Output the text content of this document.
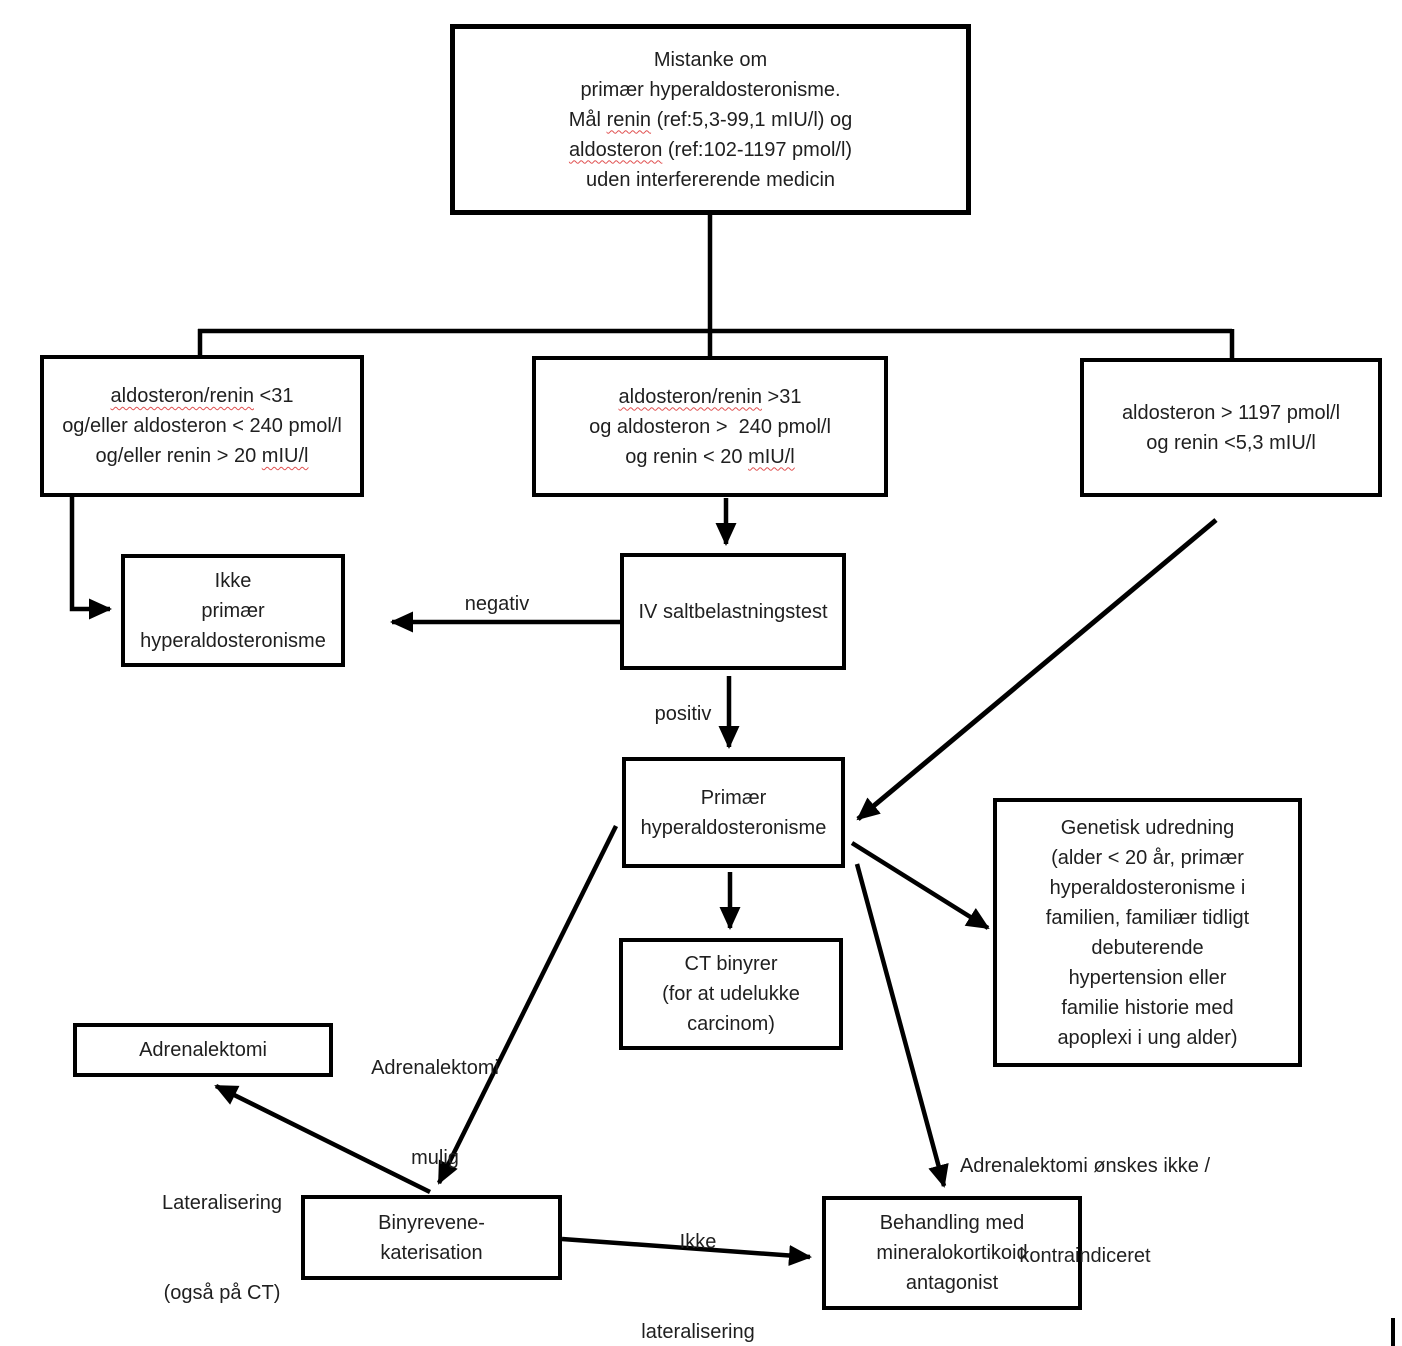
Mistanke om
primær hyperaldosteronisme.
Mål renin (ref:5,3-99,1 mIU/l) og
aldosteron (ref:102-1197 pmol/l)
uden interfererende medicin
aldosteron/renin <31
og/eller aldosteron < 240 pmol/l
og/eller renin > 20 mIU/l
aldosteron/renin >31
og aldosteron >  240 pmol/l
og renin < 20 mIU/l
aldosteron > 1197 pmol/l
og renin <5,3 mIU/l
Ikke
primær
hyperaldosteronisme
IV saltbelastningstest
Primær
hyperaldosteronisme
CT binyrer
(for at udelukke
carcinom)
Genetisk udredning
(alder < 20 år, primær
hyperaldosteronisme i
familien, familiær tidligt
debuterende
hypertension eller
familie historie med
apoplexi i ung alder)
Adrenalektomi
Binyrevene-
katerisation
Behandling med
mineralokortikoid
antagonist
negativ
positiv

Adrenalektomi

mulig

Lateralisering

(også på CT)

Ikke

lateralisering

Adrenalektomi ønskes ikke /

kontraindiceret
